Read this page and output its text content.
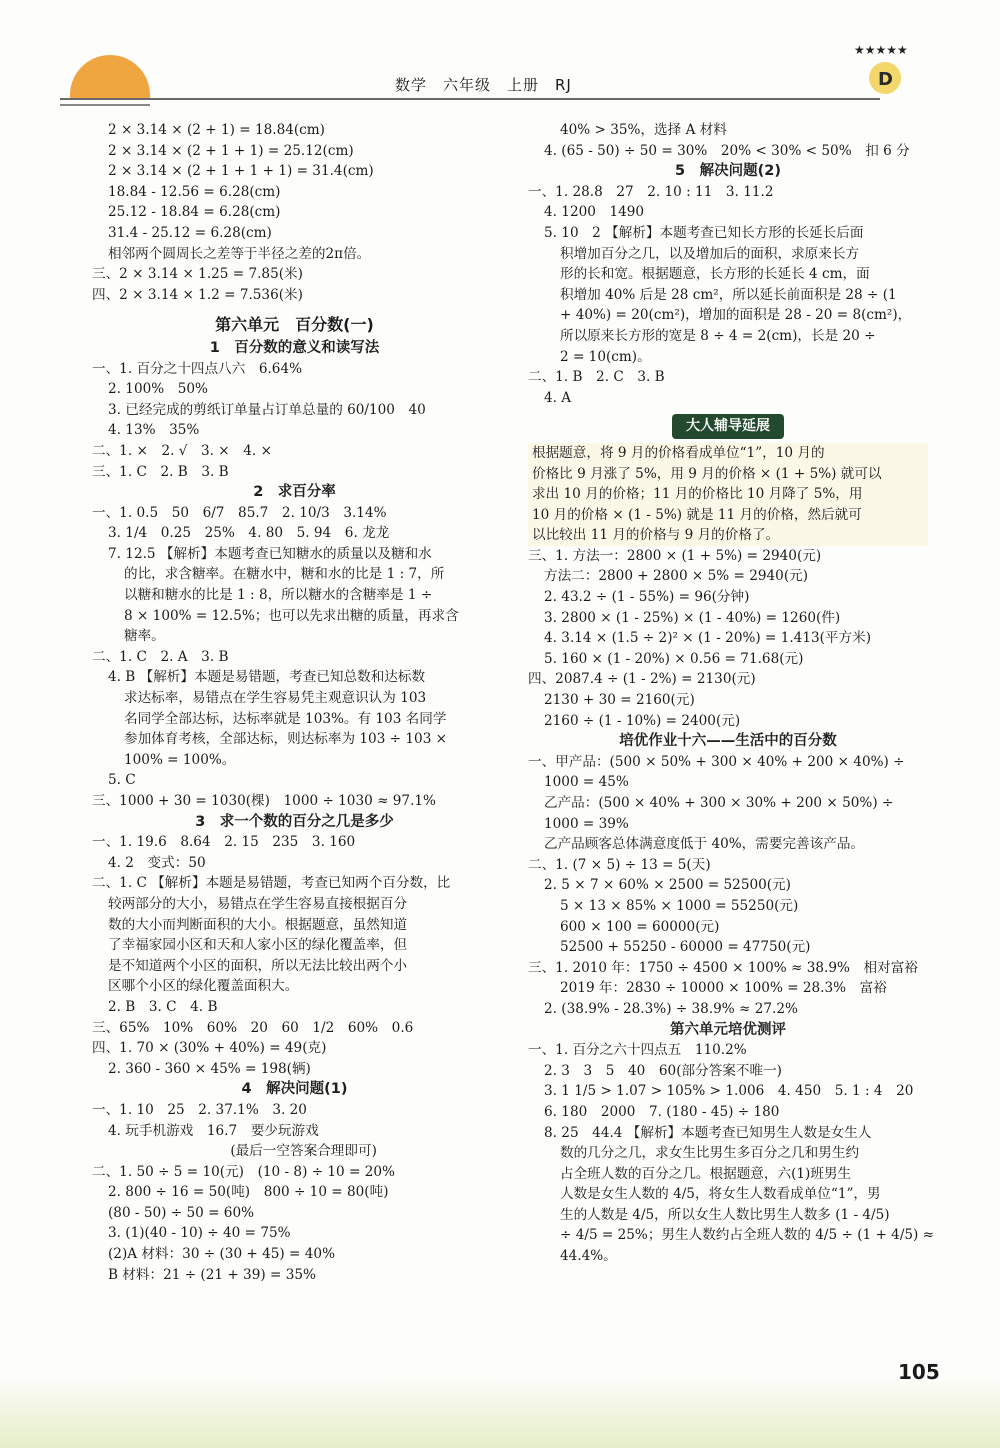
数学　六年级　上册　RJ
★★★★★
D
2 × 3.14 × (2 + 1) = 18.84(cm)
2 × 3.14 × (2 + 1 + 1) = 25.12(cm)
2 × 3.14 × (2 + 1 + 1 + 1) = 31.4(cm)
18.84 - 12.56 = 6.28(cm)
25.12 - 18.84 = 6.28(cm)
31.4 - 25.12 = 6.28(cm)
相邻两个圆周长之差等于半径之差的2π倍。
三、2 × 3.14 × 1.25 = 7.85(米)
四、2 × 3.14 × 1.2 = 7.536(米)
第六单元　百分数(一)
1　百分数的意义和读写法
一、1. 百分之十四点八六　6.64%
2. 100%　50%
3. 已经完成的剪纸订单量占订单总量的 60/100　40
4. 13%　35%
二、1. ×　2. √　3. ×　4. ×
三、1. C　2. B　3. B
2　求百分率
一、1. 0.5　50　6/7　85.7　2. 10/3　3.14%
3. 1/4　0.25　25%　4. 80　5. 94　6. 龙龙
7. 12.5 【解析】本题考查已知糖水的质量以及糖和水
的比，求含糖率。在糖水中，糖和水的比是 1 : 7，所
以糖和糖水的比是 1 : 8，所以糖水的含糖率是 1 ÷
8 × 100% = 12.5%；也可以先求出糖的质量，再求含
糖率。
二、1. C　2. A　3. B
4. B 【解析】本题是易错题，考查已知总数和达标数
求达标率，易错点在学生容易凭主观意识认为 103
名同学全部达标，达标率就是 103%。有 103 名同学
参加体育考核，全部达标，则达标率为 103 ÷ 103 ×
100% = 100%。
5. C
三、1000 + 30 = 1030(棵)　1000 ÷ 1030 ≈ 97.1%
3　求一个数的百分之几是多少
一、1. 19.6　8.64　2. 15　235　3. 160
4. 2　变式：50
二、1. C 【解析】本题是易错题，考查已知两个百分数，比
较两部分的大小，易错点在学生容易直接根据百分
数的大小而判断面积的大小。根据题意，虽然知道
了幸福家园小区和天和人家小区的绿化覆盖率，但
是不知道两个小区的面积，所以无法比较出两个小
区哪个小区的绿化覆盖面积大。
2. B　3. C　4. B
三、65%　10%　60%　20　60　1/2　60%　0.6
四、1. 70 × (30% + 40%) = 49(克)
2. 360 - 360 × 45% = 198(辆)
4　解决问题(1)
一、1. 10　25　2. 37.1%　3. 20
4. 玩手机游戏　16.7　要少玩游戏
　　　　　　　　　(最后一空答案合理即可)
二、1. 50 ÷ 5 = 10(元)　(10 - 8) ÷ 10 = 20%
2. 800 ÷ 16 = 50(吨)　800 ÷ 10 = 80(吨)
(80 - 50) ÷ 50 = 60%
3. (1)(40 - 10) ÷ 40 = 75%
(2)A 材料：30 ÷ (30 + 45) = 40%
B 材料：21 ÷ (21 + 39) = 35%
40% > 35%，选择 A 材料
4. (65 - 50) ÷ 50 = 30%　20% < 30% < 50%　扣 6 分
5　解决问题(2)
一、1. 28.8　27　2. 10 : 11　3. 11.2
4. 1200　1490
5. 10　2 【解析】本题考查已知长方形的长延长后面
积增加百分之几，以及增加后的面积，求原来长方
形的长和宽。根据题意，长方形的长延长 4 cm，面
积增加 40% 后是 28 cm²，所以延长前面积是 28 ÷ (1
+ 40%) = 20(cm²)，增加的面积是 28 - 20 = 8(cm²)，
所以原来长方形的宽是 8 ÷ 4 = 2(cm)，长是 20 ÷
2 = 10(cm)。
二、1. B　2. C　3. B
4. A
大人辅导延展
根据题意，将 9 月的价格看成单位“1”，10 月的
价格比 9 月涨了 5%，用 9 月的价格 × (1 + 5%) 就可以
求出 10 月的价格；11 月的价格比 10 月降了 5%，用
10 月的价格 × (1 - 5%) 就是 11 月的价格，然后就可
以比较出 11 月的价格与 9 月的价格了。
三、1. 方法一：2800 × (1 + 5%) = 2940(元)
方法二：2800 + 2800 × 5% = 2940(元)
2. 43.2 ÷ (1 - 55%) = 96(分钟)
3. 2800 × (1 - 25%) × (1 - 40%) = 1260(件)
4. 3.14 × (1.5 ÷ 2)² × (1 - 20%) = 1.413(平方米)
5. 160 × (1 - 20%) × 0.56 = 71.68(元)
四、2087.4 ÷ (1 - 2%) = 2130(元)
2130 + 30 = 2160(元)
2160 ÷ (1 - 10%) = 2400(元)
培优作业十六——生活中的百分数
一、甲产品：(500 × 50% + 300 × 40% + 200 × 40%) ÷
1000 = 45%
乙产品：(500 × 40% + 300 × 30% + 200 × 50%) ÷
1000 = 39%
乙产品顾客总体满意度低于 40%，需要完善该产品。
二、1. (7 × 5) ÷ 13 = 5(天)
2. 5 × 7 × 60% × 2500 = 52500(元)
5 × 13 × 85% × 1000 = 55250(元)
600 × 100 = 60000(元)
52500 + 55250 - 60000 = 47750(元)
三、1. 2010 年：1750 ÷ 4500 × 100% ≈ 38.9%　相对富裕
2019 年：2830 ÷ 10000 × 100% = 28.3%　富裕
2. (38.9% - 28.3%) ÷ 38.9% ≈ 27.2%
第六单元培优测评
一、1. 百分之六十四点五　110.2%
2. 3　3　5　40　60(部分答案不唯一)
3. 1 1/5 > 1.07 > 105% > 1.006　4. 450　5. 1 : 4　20
6. 180　2000　7. (180 - 45) ÷ 180
8. 25　44.4 【解析】本题考查已知男生人数是女生人
数的几分之几，求女生比男生多百分之几和男生约
占全班人数的百分之几。根据题意，六(1)班男生
人数是女生人数的 4/5，将女生人数看成单位“1”，男
生的人数是 4/5，所以女生人数比男生人数多 (1 - 4/5)
÷ 4/5 = 25%；男生人数约占全班人数的 4/5 ÷ (1 + 4/5) ≈
44.4%。
105
